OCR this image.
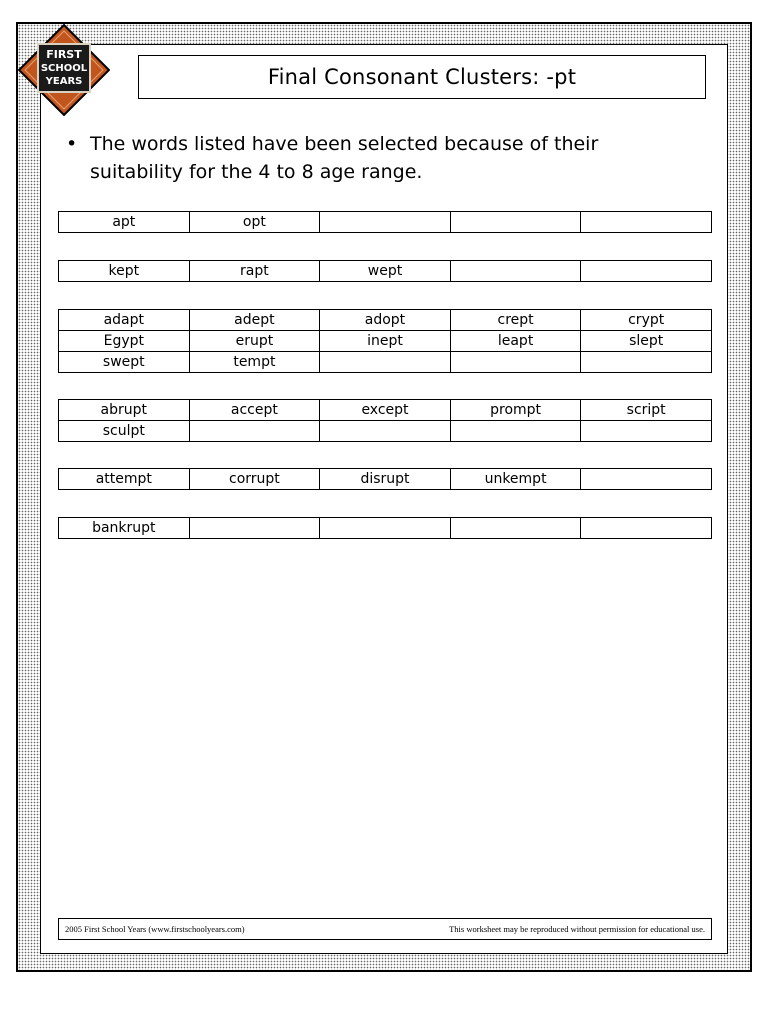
FIRST
SCHOOL
YEARS	Final Consonant Clusters: -pt
• The words listed have been selected because of their
suitability for the 4 to 8 age range.
apt	opt
kept	rapt	wept
adapt	adept	adopt	crept	crypt
Egypt	erupt	inept	leapt	slept
swept	tempt
abrupt	accept	except	prompt	script
sculpt
attempt	corrupt	disrupt	unkempt
bankrupt
2005 First School Years (www.firstschoolyears.com)	This worksheet may be reproduced without permission for educational use.
